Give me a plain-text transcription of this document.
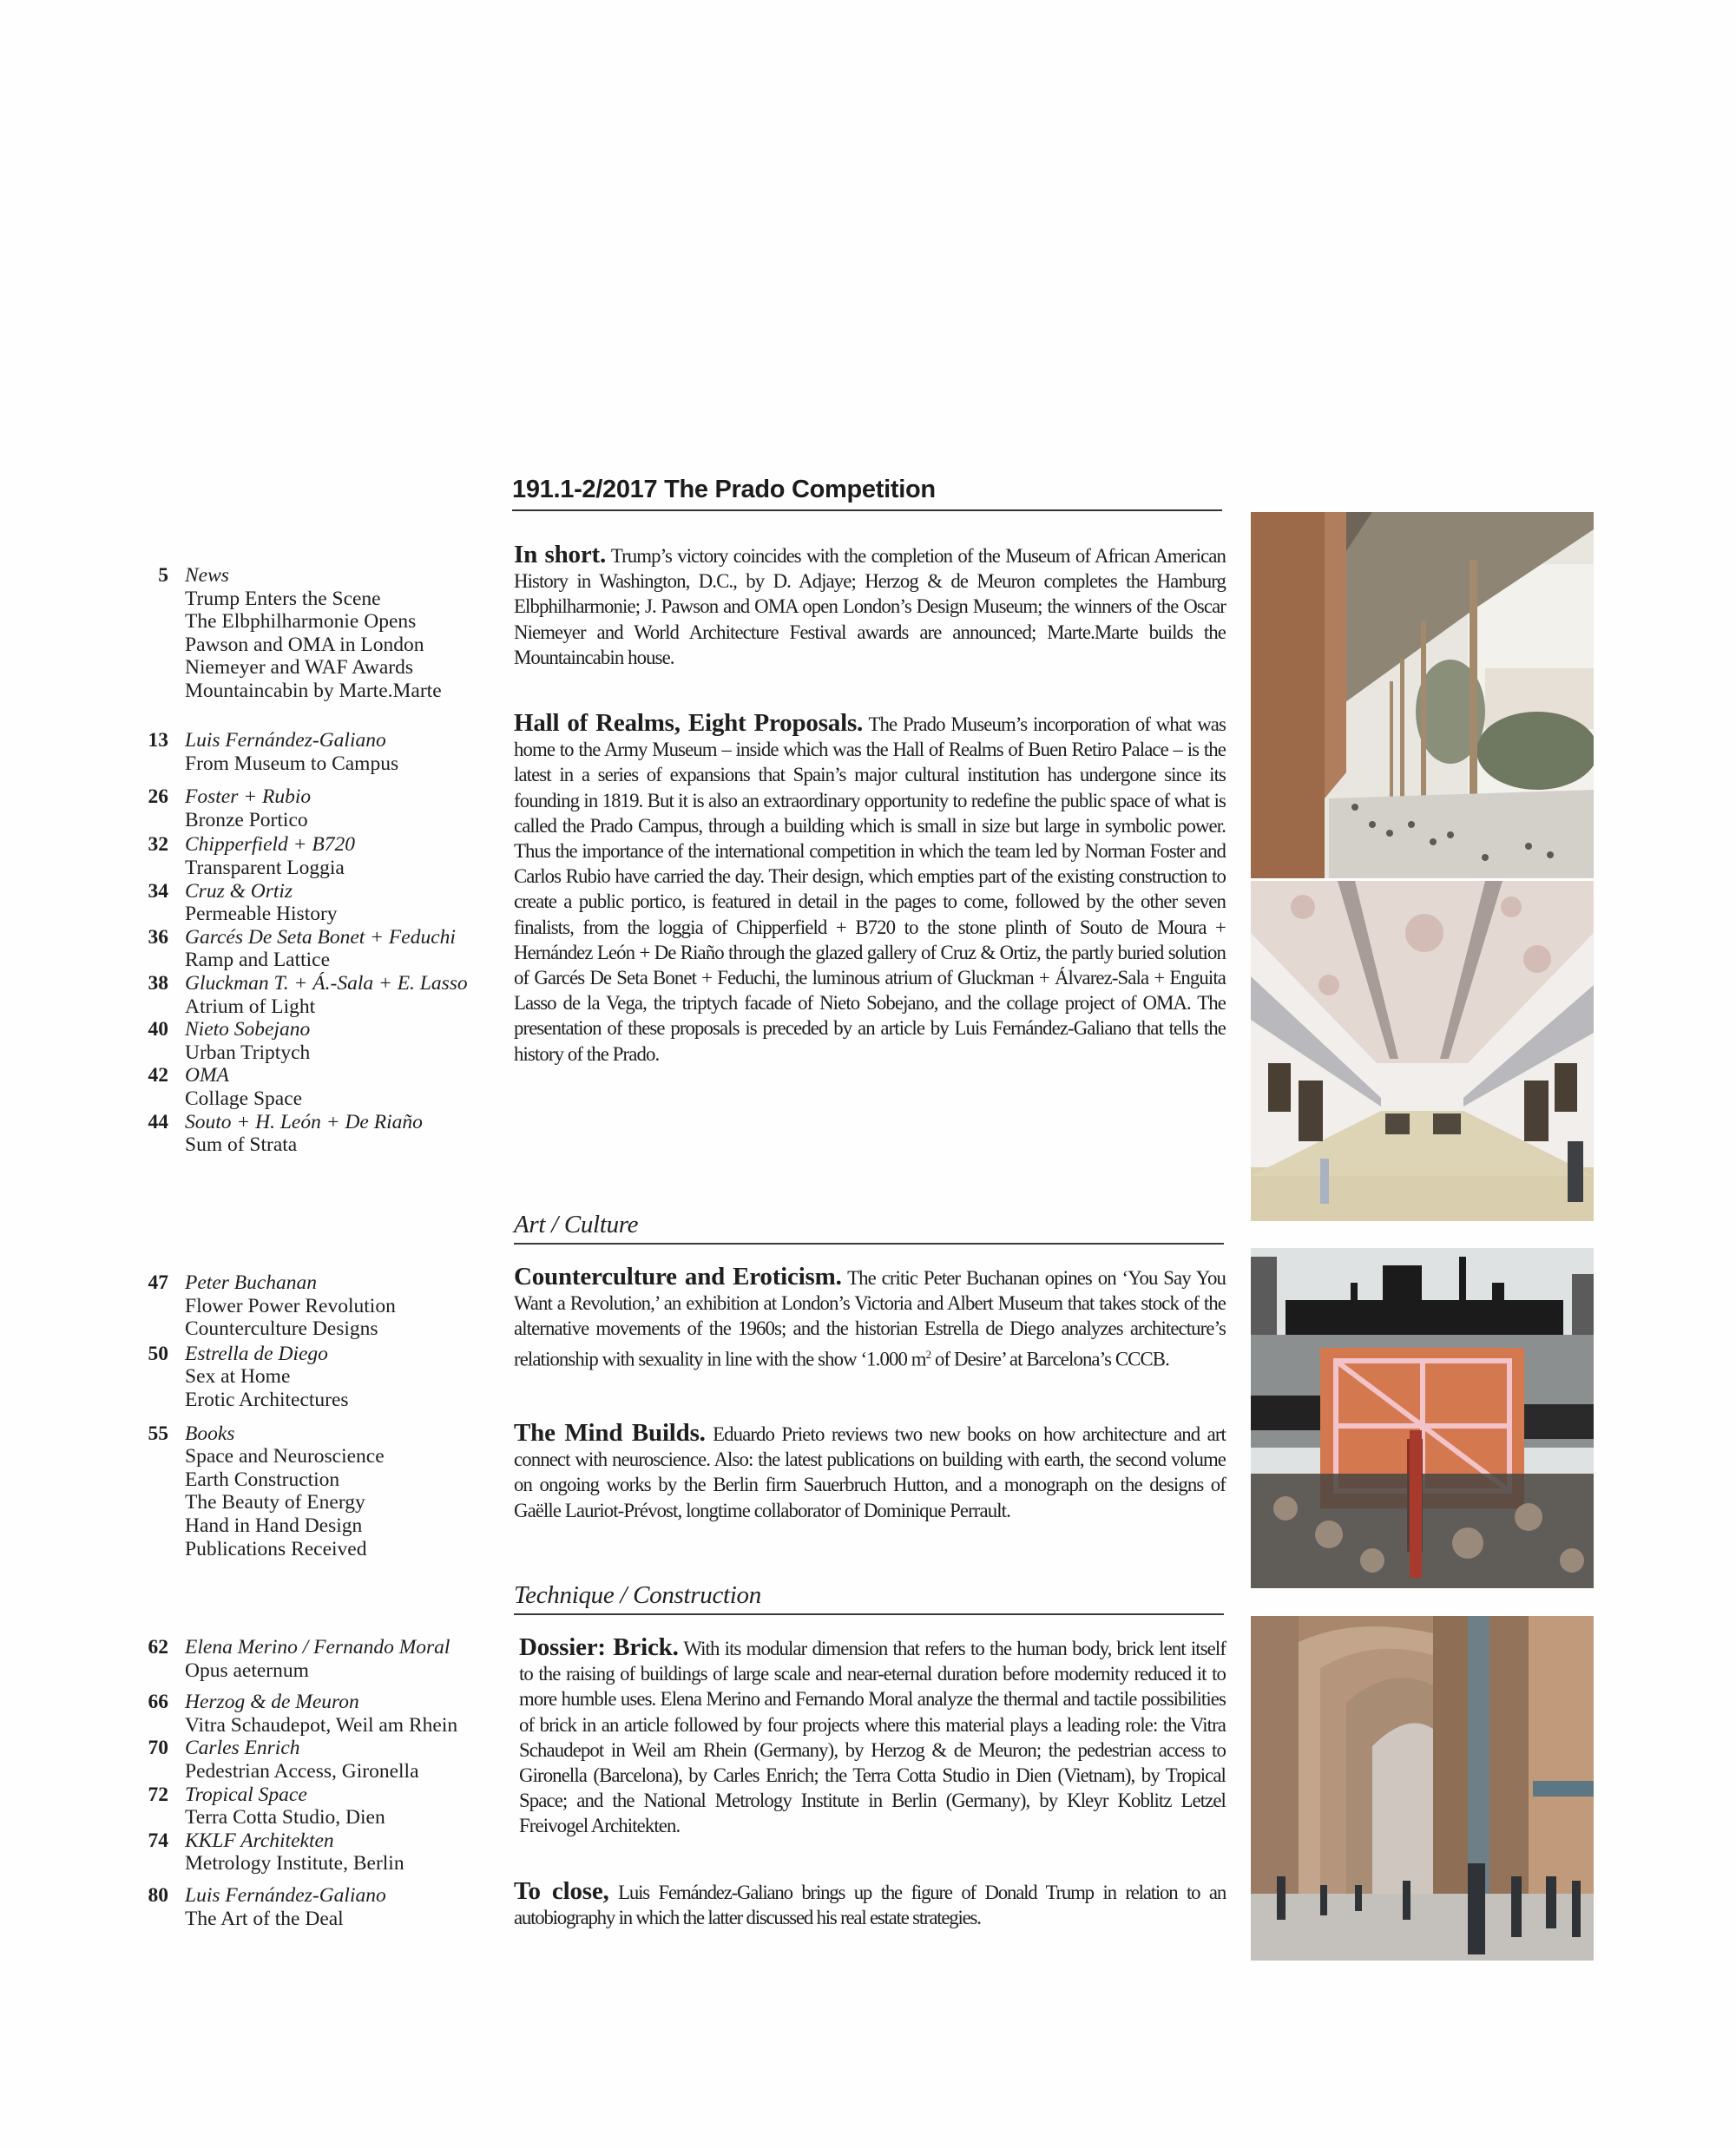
191.1-2/2017 The Prado Competition
5 News
Trump Enters the Scene
The Elbphilharmonie Opens
Pawson and OMA in London
Niemeyer and WAF Awards
Mountaincabin by Marte.Marte
13 Luis Fernández-Galiano
From Museum to Campus
26 Foster + Rubio
Bronze Portico
32 Chipperfield + B720
Transparent Loggia
34 Cruz & Ortiz
Permeable History
36 Garcés De Seta Bonet + Feduchi
Ramp and Lattice
38 Gluckman T. + Á.-Sala + E. Lasso
Atrium of Light
40 Nieto Sobejano
Urban Triptych
42 OMA
Collage Space
44 Souto + H. León + De Riaño
Sum of Strata
47 Peter Buchanan
Flower Power Revolution
Counterculture Designs
50 Estrella de Diego
Sex at Home
Erotic Architectures
55 Books
Space and Neuroscience
Earth Construction
The Beauty of Energy
Hand in Hand Design
Publications Received
62 Elena Merino / Fernando Moral
Opus aeternum
66 Herzog & de Meuron
Vitra Schaudepot, Weil am Rhein
70 Carles Enrich
Pedestrian Access, Gironella
72 Tropical Space
Terra Cotta Studio, Dien
74 KKLF Architekten
Metrology Institute, Berlin
80 Luis Fernández-Galiano
The Art of the Deal

In short. Trump’s victory coincides with the completion of the Museum of African American History in Washington, D.C., by D. Adjaye; Herzog & de Meuron completes the Hamburg Elbphilharmonie; J. Pawson and OMA open London’s Design Museum; the winners of the Oscar Niemeyer and World Architecture Festival awards are announced; Marte.Marte builds the Mountaincabin house.

Hall of Realms, Eight Proposals. The Prado Museum’s incorporation of what was home to the Army Museum – inside which was the Hall of Realms of Buen Retiro Palace – is the latest in a series of expansions that Spain’s major cultural institution has undergone since its founding in 1819. But it is also an extraordinary opportunity to redefine the public space of what is called the Prado Campus, through a building which is small in size but large in symbolic power. Thus the importance of the international competition in which the team led by Norman Foster and Carlos Rubio have carried the day. Their design, which empties part of the existing construction to create a public portico, is featured in detail in the pages to come, followed by the other seven finalists, from the loggia of Chipperfield + B720 to the stone plinth of Souto de Moura + Hernández León + De Riaño through the glazed gallery of Cruz & Ortiz, the partly buried solution of Garcés De Seta Bonet + Feduchi, the luminous atrium of Gluckman + Álvarez-Sala + Enguita Lasso de la Vega, the triptych facade of Nieto Sobejano, and the collage project of OMA. The presentation of these proposals is preceded by an article by Luis Fernández-Galiano that tells the history of the Prado.

Art / Culture

Counterculture and Eroticism. The critic Peter Buchanan opines on ‘You Say You Want a Revolution,’ an exhibition at London’s Victoria and Albert Museum that takes stock of the alternative movements of the 1960s; and the historian Estrella de Diego analyzes architecture’s relationship with sexuality in line with the show ‘1.000 $m^2$ of Desire’ at Barcelona’s CCCB.

The Mind Builds. Eduardo Prieto reviews two new books on how architecture and art connect with neuroscience. Also: the latest publications on building with earth, the second volume on ongoing works by the Berlin firm Sauerbruch Hutton, and a monograph on the designs of Gaëlle Lauriot-Prévost, longtime collaborator of Dominique Perrault.

Technique / Construction

Dossier: Brick. With its modular dimension that refers to the human body, brick lent itself to the raising of buildings of large scale and near-eternal duration before modernity reduced it to more humble uses. Elena Merino and Fernando Moral analyze the thermal and tactile possibilities of brick in an article followed by four projects where this material plays a leading role: the Vitra Schaudepot in Weil am Rhein (Germany), by Herzog & de Meuron; the pedestrian access to Gironella (Barcelona), by Carles Enrich; the Terra Cotta Studio in Dien (Vietnam), by Tropical Space; and the National Metrology Institute in Berlin (Germany), by Kleyr Koblitz Letzel Freivogel Architekten.

To close, Luis Fernández-Galiano brings up the figure of Donald Trump in relation to an autobiography in which the latter discussed his real estate strategies.
